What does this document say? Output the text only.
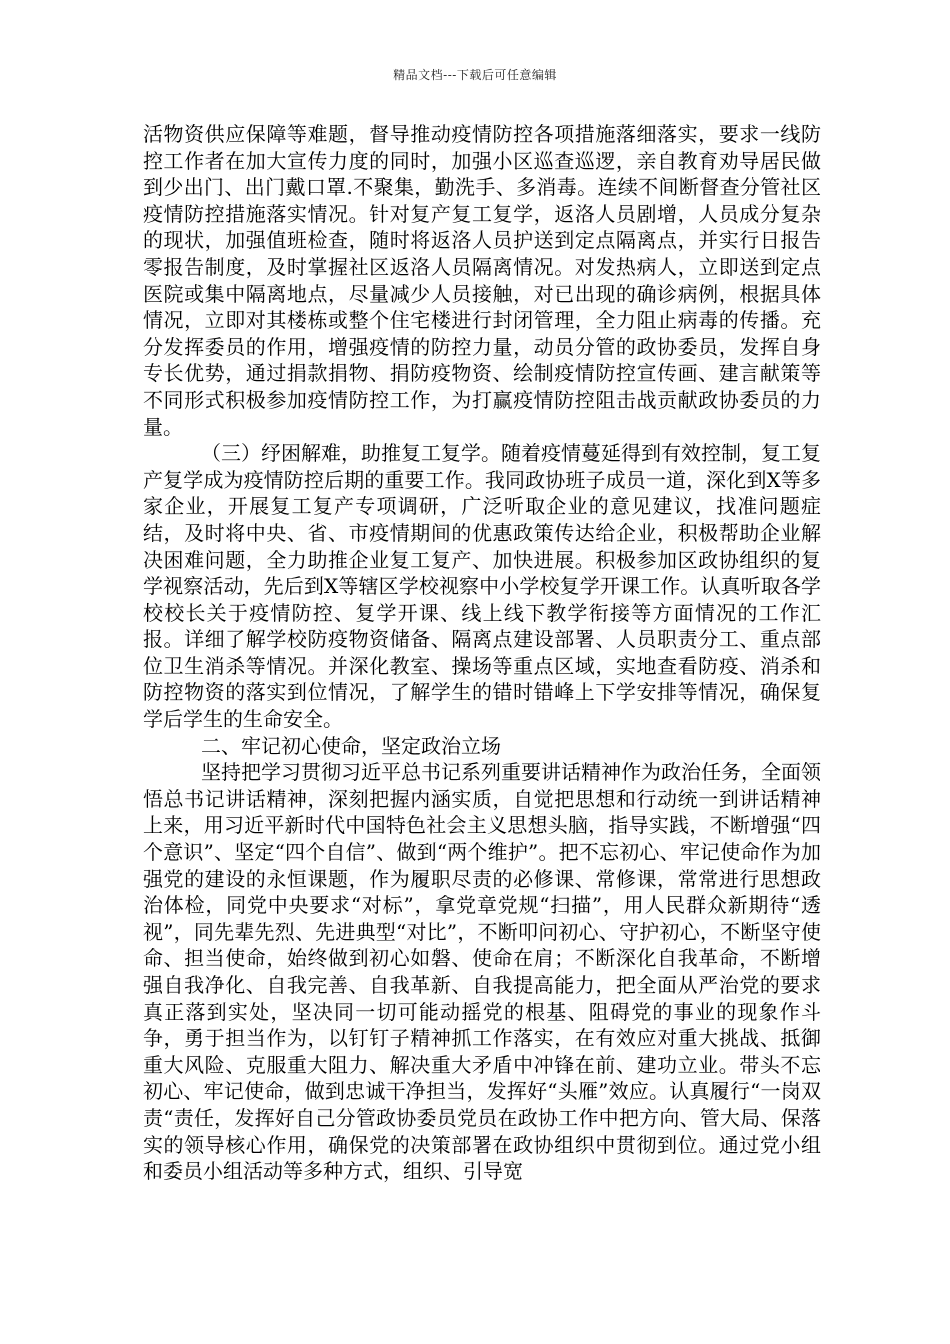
精品文档---下载后可任意编辑

活物资供应保障等难题，督导推动疫情防控各项措施落细落实，要求一线防控工作者在加大宣传力度的同时，加强小区巡查巡逻，亲自教育劝导居民做到少出门、出门戴口罩.不聚集，勤洗手、多消毒。连续不间断督查分管社区疫情防控措施落实情况。针对复产复工复学，返洛人员剧增，人员成分复杂的现状，加强值班检查，随时将返洛人员护送到定点隔离点，并实行日报告零报告制度，及时掌握社区返洛人员隔离情况。对发热病人，立即送到定点医院或集中隔离地点，尽量减少人员接触，对已出现的确诊病例，根据具体情况，立即对其楼栋或整个住宅楼进行封闭管理，全力阻止病毒的传播。充分发挥委员的作用，增强疫情的防控力量，动员分管的政协委员，发挥自身专长优势，通过捐款捐物、捐防疫物资、绘制疫情防控宣传画、建言献策等不同形式积极参加疫情防控工作，为打赢疫情防控阻击战贡献政协委员的力量。

（三）纾困解难，助推复工复学。随着疫情蔓延得到有效控制，复工复产复学成为疫情防控后期的重要工作。我同政协班子成员一道，深化到X等多家企业，开展复工复产专项调研，广泛听取企业的意见建议，找准问题症结，及时将中央、省、市疫情期间的优惠政策传达给企业，积极帮助企业解决困难问题，全力助推企业复工复产、加快进展。积极参加区政协组织的复学视察活动，先后到X等辖区学校视察中小学校复学开课工作。认真听取各学校校长关于疫情防控、复学开课、线上线下教学衔接等方面情况的工作汇报。详细了解学校防疫物资储备、隔离点建设部署、人员职责分工、重点部位卫生消杀等情况。并深化教室、操场等重点区域，实地查看防疫、消杀和防控物资的落实到位情况，了解学生的错时错峰上下学安排等情况，确保复学后学生的生命安全。

二、牢记初心使命，坚定政治立场

坚持把学习贯彻习近平总书记系列重要讲话精神作为政治任务，全面领悟总书记讲话精神，深刻把握内涵实质，自觉把思想和行动统一到讲话精神上来，用习近平新时代中国特色社会主义思想头脑，指导实践，不断增强“四个意识”、坚定“四个自信”、做到“两个维护”。把不忘初心、牢记使命作为加强党的建设的永恒课题，作为履职尽责的必修课、常修课，常常进行思想政治体检，同党中央要求“对标”，拿党章党规“扫描”，用人民群众新期待“透视”，同先辈先烈、先进典型“对比”，不断叩问初心、守护初心，不断坚守使命、担当使命，始终做到初心如磐、使命在肩；不断深化自我革命，不断增强自我净化、自我完善、自我革新、自我提高能力，把全面从严治党的要求真正落到实处，坚决同一切可能动摇党的根基、阻碍党的事业的现象作斗争，勇于担当作为，以钉钉子精神抓工作落实，在有效应对重大挑战、抵御重大风险、克服重大阻力、解决重大矛盾中冲锋在前、建功立业。带头不忘初心、牢记使命，做到忠诚干净担当，发挥好“头雁”效应。认真履行“一岗双责“责任，发挥好自己分管政协委员党员在政协工作中把方向、管大局、保落实的领导核心作用，确保党的决策部署在政协组织中贯彻到位。通过党小组和委员小组活动等多种方式，组织、引导宽
